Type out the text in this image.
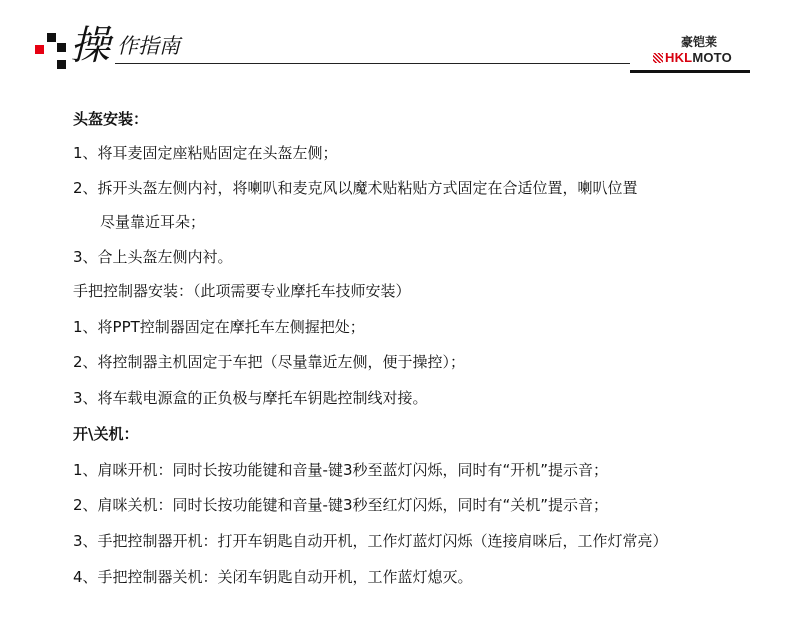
操 作指南	豪铠莱
HKLMOTO
头盔安装：
1、将耳麦固定座粘贴固定在头盔左侧；
2、拆开头盔左侧内衬，将喇叭和麦克风以魔术贴粘贴方式固定在合适位置，喇叭位置
尽量靠近耳朵；
3、合上头盔左侧内衬。
手把控制器安装：（此项需要专业摩托车技师安装）
1、将PPT控制器固定在摩托车左侧握把处；
2、将控制器主机固定于车把（尽量靠近左侧，便于操控）；
3、将车载电源盒的正负极与摩托车钥匙控制线对接。
开\关机：
1、肩咪开机：同时长按功能键和音量-键3秒至蓝灯闪烁，同时有“开机”提示音；
2、肩咪关机：同时长按功能键和音量-键3秒至红灯闪烁，同时有“关机”提示音；
3、手把控制器开机：打开车钥匙自动开机，工作灯蓝灯闪烁（连接肩咪后，工作灯常亮）
4、手把控制器关机：关闭车钥匙自动开机，工作蓝灯熄灭。
